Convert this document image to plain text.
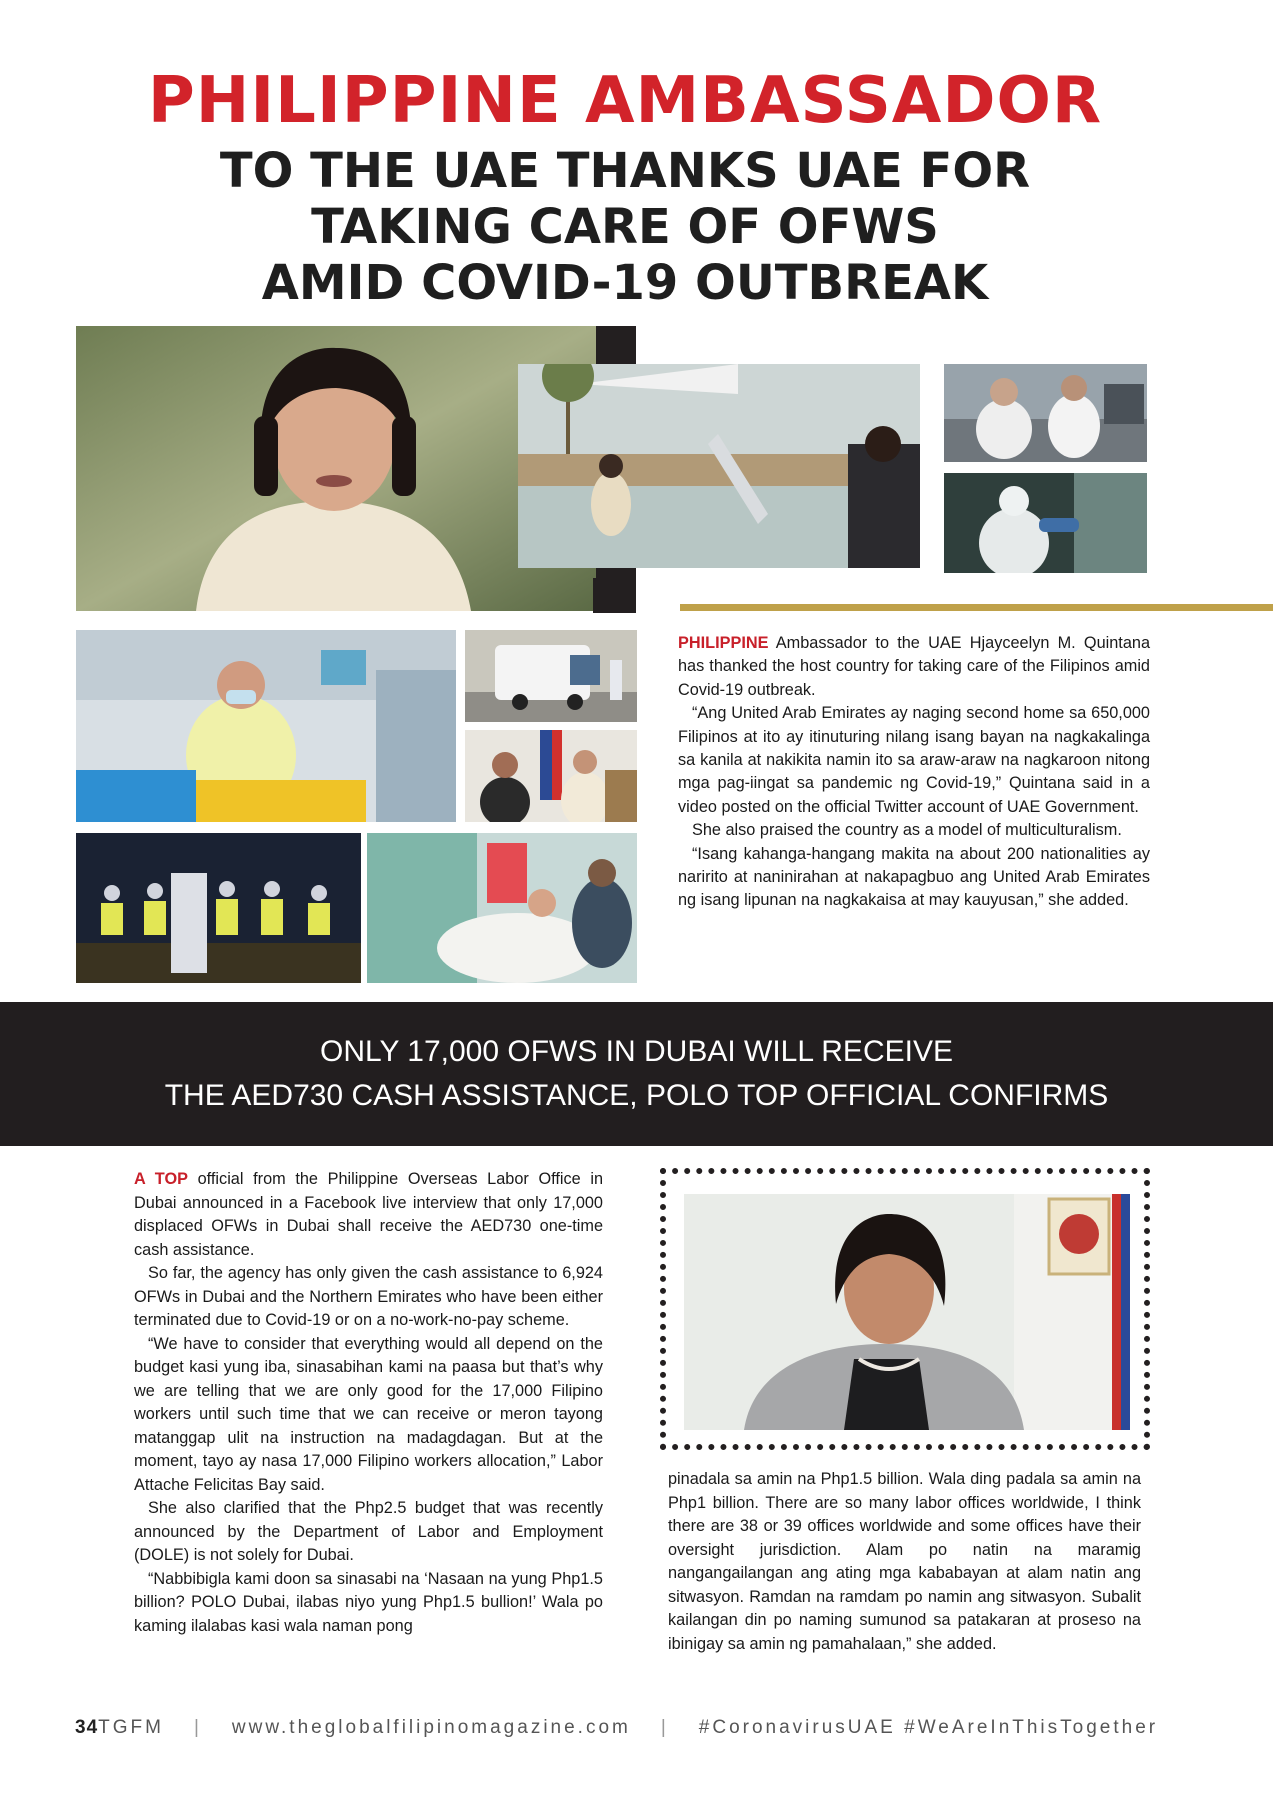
PHILIPPINE AMBASSADOR
TO THE UAE THANKS UAE FOR
TAKING CARE OF OFWS
AMID COVID-19 OUTBREAK

PHILIPPINE Ambassador to the UAE Hjayceelyn M. Quintana has thanked the host country for taking care of the Filipinos amid Covid-19 outbreak.

“Ang United Arab Emirates ay naging second home sa 650,000 Filipinos at ito ay itinuturing nilang isang bayan na nagkakalinga sa kanila at nakikita namin ito sa araw-araw na nagkaroon nitong mga pag-iingat sa pandemic ng Covid-19,” Quintana said in a video posted on the official Twitter account of UAE Government.

She also praised the country as a model of multiculturalism.

“Isang kahanga-hangang makita na about 200 nationalities ay naririto at naninirahan at nakapagbuo ang United Arab Emirates ng isang lipunan na nagkakaisa at may kauyusan,” she added.

ONLY 17,000 OFWS IN DUBAI WILL RECEIVE
THE AED730 CASH ASSISTANCE, POLO TOP OFFICIAL CONFIRMS

A TOP official from the Philippine Overseas Labor Office in Dubai announced in a Facebook live interview that only 17,000 displaced OFWs in Dubai shall receive the AED730 one-time cash assistance.

So far, the agency has only given the cash assistance to 6,924 OFWs in Dubai and the Northern Emirates who have been either terminated due to Covid-19 or on a no-work-no-pay scheme.

“We have to consider that everything would all depend on the budget kasi yung iba, sinasabihan kami na paasa but that’s why we are telling that we are only good for the 17,000 Filipino workers until such time that we can receive or meron tayong matanggap ulit na instruction na madagdagan. But at the moment, tayo ay nasa 17,000 Filipino workers allocation,” Labor Attache Felicitas Bay said.

She also clarified that the Php2.5 budget that was recently announced by the Department of Labor and Employment (DOLE) is not solely for Dubai.

“Nabbibigla kami doon sa sinasabi na ‘Nasaan na yung Php1.5 billion? POLO Dubai, ilabas niyo yung Php1.5 bullion!’ Wala po kaming ilalabas kasi wala naman pong

pinadala sa amin na Php1.5 billion. Wala ding padala sa amin na Php1 billion. There are so many labor offices worldwide, I think there are 38 or 39 offices worldwide and some offices have their oversight jurisdiction. Alam po natin na maramig nangangailangan ang ating mga kababayan at alam natin ang sitwasyon. Ramdan na ramdam po namin ang sitwasyon. Subalit kailangan din po naming sumunod sa patakaran at proseso na ibinigay sa amin ng pamahalaan,” she added.

34TGFM | www.theglobalfilipinomagazine.com | #CoronavirusUAE #WeAreInThisTogether
